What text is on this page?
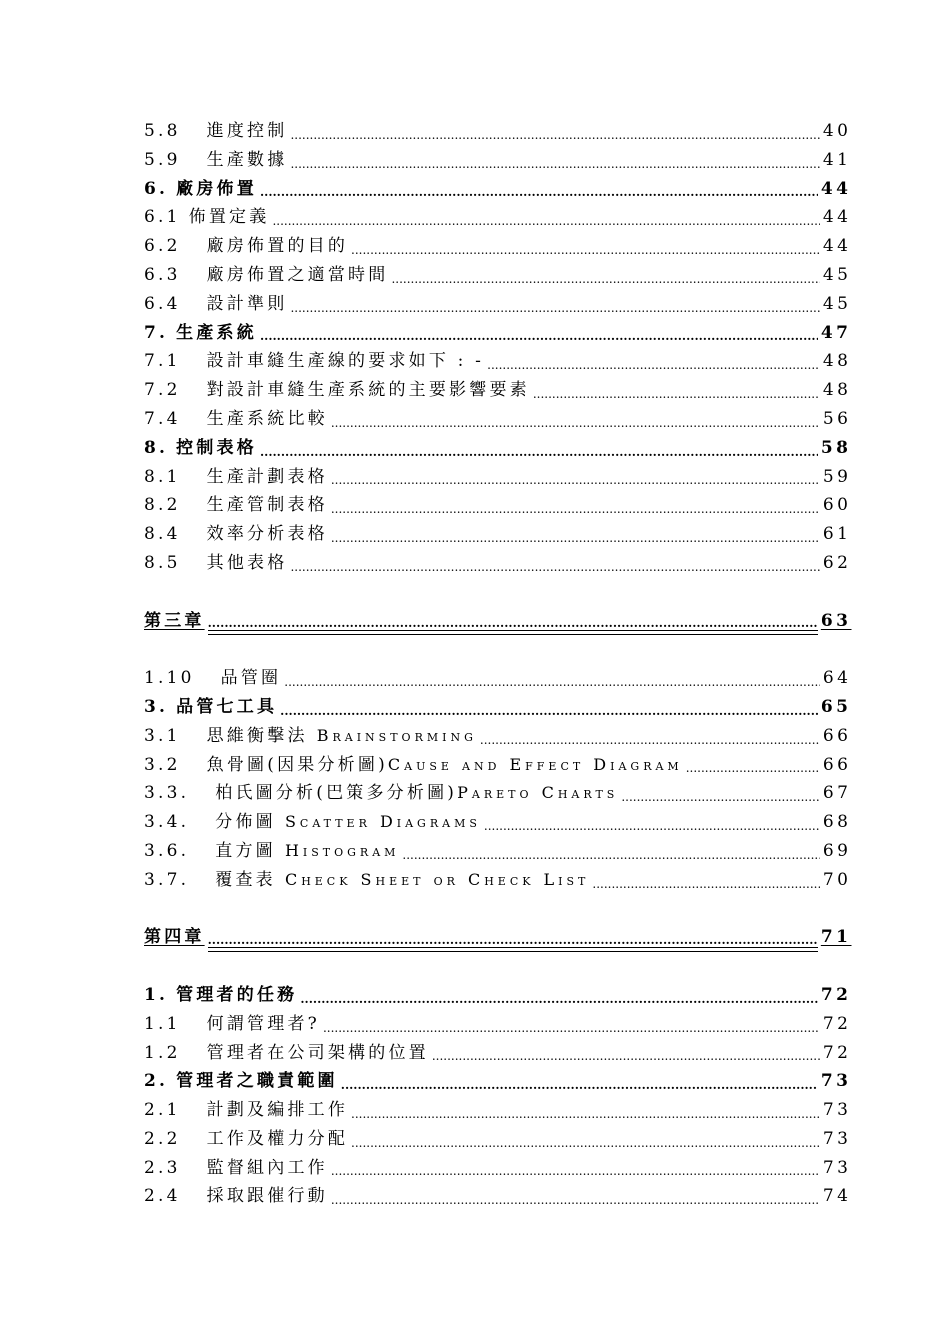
5.8	進度控制 .....	40
5.9	生產數據 .....	41
6. 廠房佈置 .....	44
6.1 佈置定義 .....	44
6.2	廠房佈置的目的 .....	44
6.3	廠房佈置之適當時間 .....	45
6.4	設計準則 .....	45
7. 生產系統 .....	47
7.1	設計車縫生產線的要求如下 : - .....	48
7.2	對設計車縫生產系統的主要影響要素 .....	48
7.4	生產系統比較 .....	56
8. 控制表格 .....	58
8.1	生產計劃表格 .....	59
8.2	生產管制表格 .....	60
8.4	效率分析表格 .....	61
8.5	其他表格 .....	62
第三章 .....	63
1.10	品管圈 .....	64
3. 品管七工具 .....	65
3.1	思維衡擊法 Brainstorming .....	66
3.2	魚骨圖(因果分析圖)Cause and Effect Diagram .....	66
3.3.	柏氏圖分析(巴策多分析圖)Pareto Charts .....	67
3.4.	分佈圖 Scatter Diagrams .....	68
3.6.	直方圖 Histogram .....	69
3.7.	覆查表 Check Sheet or Check List .....	70
第四章 .....	71
1. 管理者的任務 .....	72
1.1	何謂管理者? .....	72
1.2	管理者在公司架構的位置 .....	72
2. 管理者之職責範圍 .....	73
2.1	計劃及編排工作 .....	73
2.2	工作及權力分配 .....	73
2.3	監督組內工作 .....	73
2.4	採取跟催行動 .....	74
